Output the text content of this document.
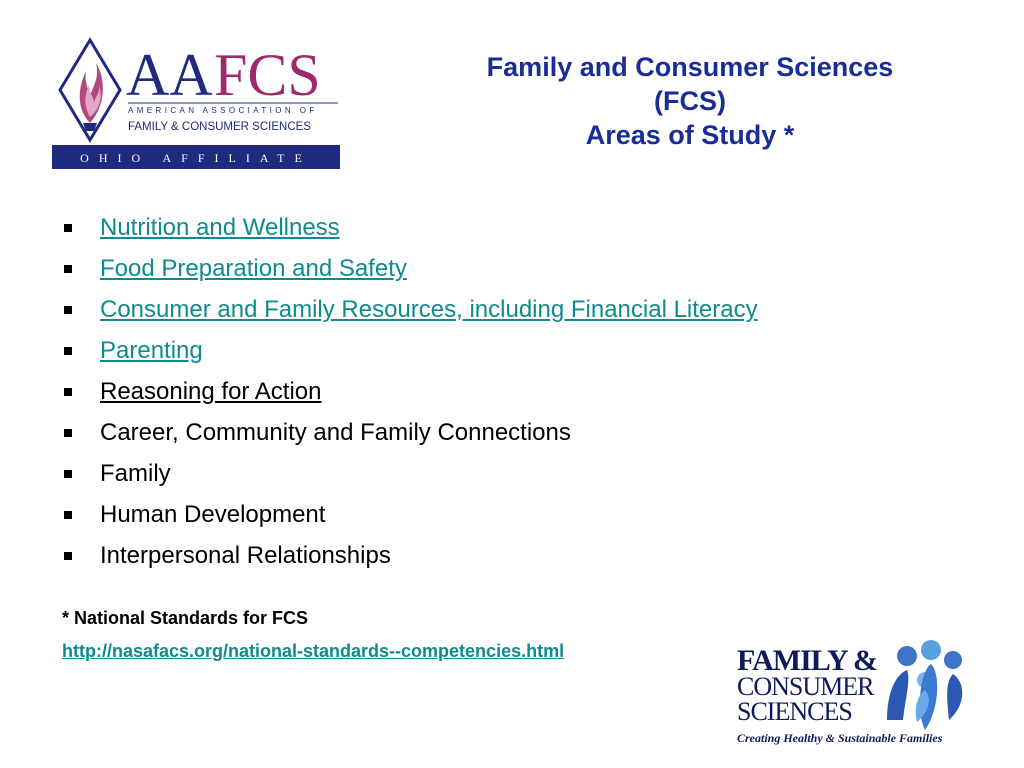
AA FCS
AMERICAN ASSOCIATION OF
FAMILY & CONSUMER SCIENCES
OHIO AFFILIATE
Family and Consumer Sciences
(FCS)
Areas of Study *
Nutrition and Wellness
Food Preparation and Safety
Consumer and Family Resources, including Financial Literacy
Parenting
Reasoning for Action
Career, Community and Family Connections
Family
Human Development
Interpersonal Relationships
* National Standards for FCS
http://nasafacs.org/national-standards--competencies.html	FAMILY &
CONSUMER
SCIENCES
Creating Healthy & Sustainable Families
